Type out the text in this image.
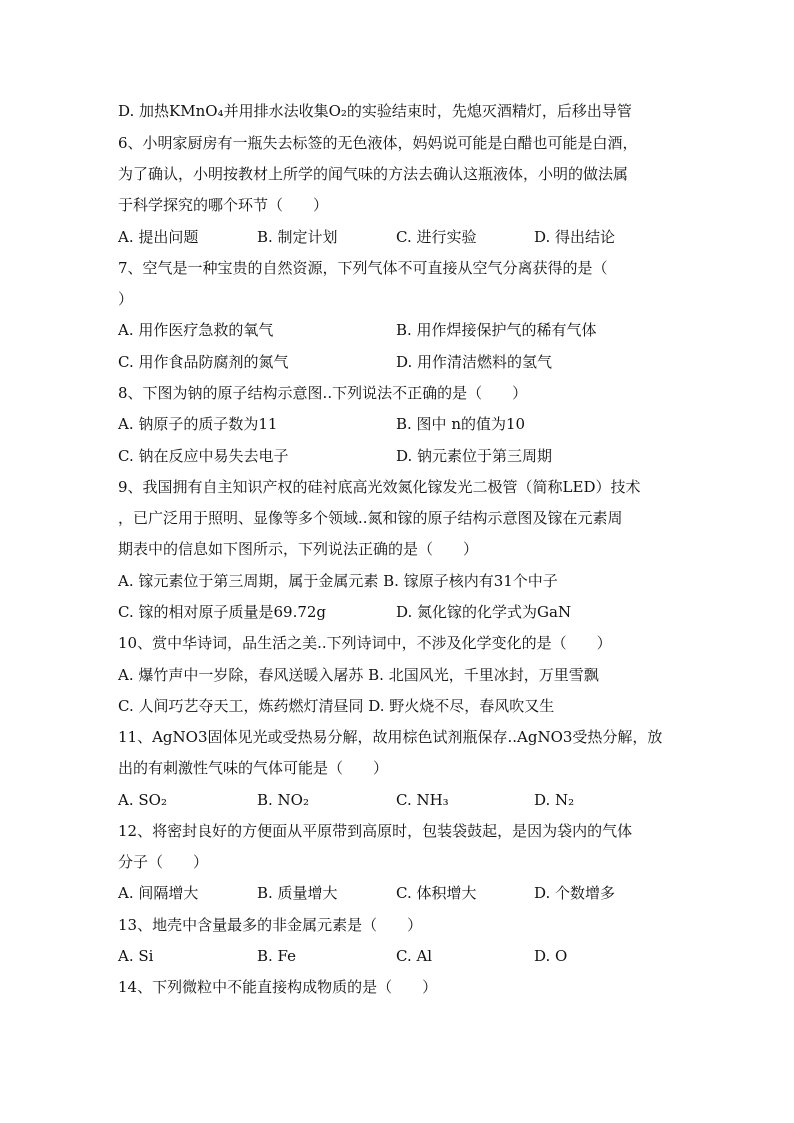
D. 加热KMnO₄并用排水法收集O₂的实验结束时，先熄灭酒精灯，后移出导管

6、小明家厨房有一瓶失去标签的无色液体，妈妈说可能是白醋也可能是白酒，

为了确认，小明按教材上所学的闻气味的方法去确认这瓶液体，小明的做法属

于科学探究的哪个环节（　　）

A. 提出问题	B. 制定计划	C. 进行实验	D. 得出结论

7、空气是一种宝贵的自然资源，下列气体不可直接从空气分离获得的是（

）

A. 用作医疗急救的氧气	B. 用作焊接保护气的稀有气体
C. 用作食品防腐剂的氮气	D. 用作清洁燃料的氢气

8、下图为钠的原子结构示意图..下列说法不正确的是（　　）

A. 钠原子的质子数为11	B. 图中 n的值为10
C. 钠在反应中易失去电子	D. 钠元素位于第三周期

9、我国拥有自主知识产权的硅衬底高光效氮化镓发光二极管（简称LED）技术

，已广泛用于照明、显像等多个领域..氮和镓的原子结构示意图及镓在元素周

期表中的信息如下图所示，下列说法正确的是（　　）

A. 镓元素位于第三周期，属于金属元素 B. 镓原子核内有31个中子

C. 镓的相对原子质量是69.72g	D. 氮化镓的化学式为GaN

10、赏中华诗词，品生活之美..下列诗词中，不涉及化学变化的是（　　）

A. 爆竹声中一岁除，春风送暖入屠苏 B. 北国风光，千里冰封，万里雪飘

C. 人间巧艺夺天工，炼药燃灯清昼同 D. 野火烧不尽，春风吹又生

11、AgNO3固体见光或受热易分解，故用棕色试剂瓶保存..AgNO3受热分解，放

出的有刺激性气味的气体可能是（　　）

A. SO₂	B. NO₂	C. NH₃	D. N₂

12、将密封良好的方便面从平原带到高原时，包装袋鼓起，是因为袋内的气体

分子（　　）

A. 间隔增大	B. 质量增大	C. 体积增大	D. 个数增多

13、地壳中含量最多的非金属元素是（　　）

A. Si	B. Fe	C. Al	D. O

14、下列微粒中不能直接构成物质的是（　　）
